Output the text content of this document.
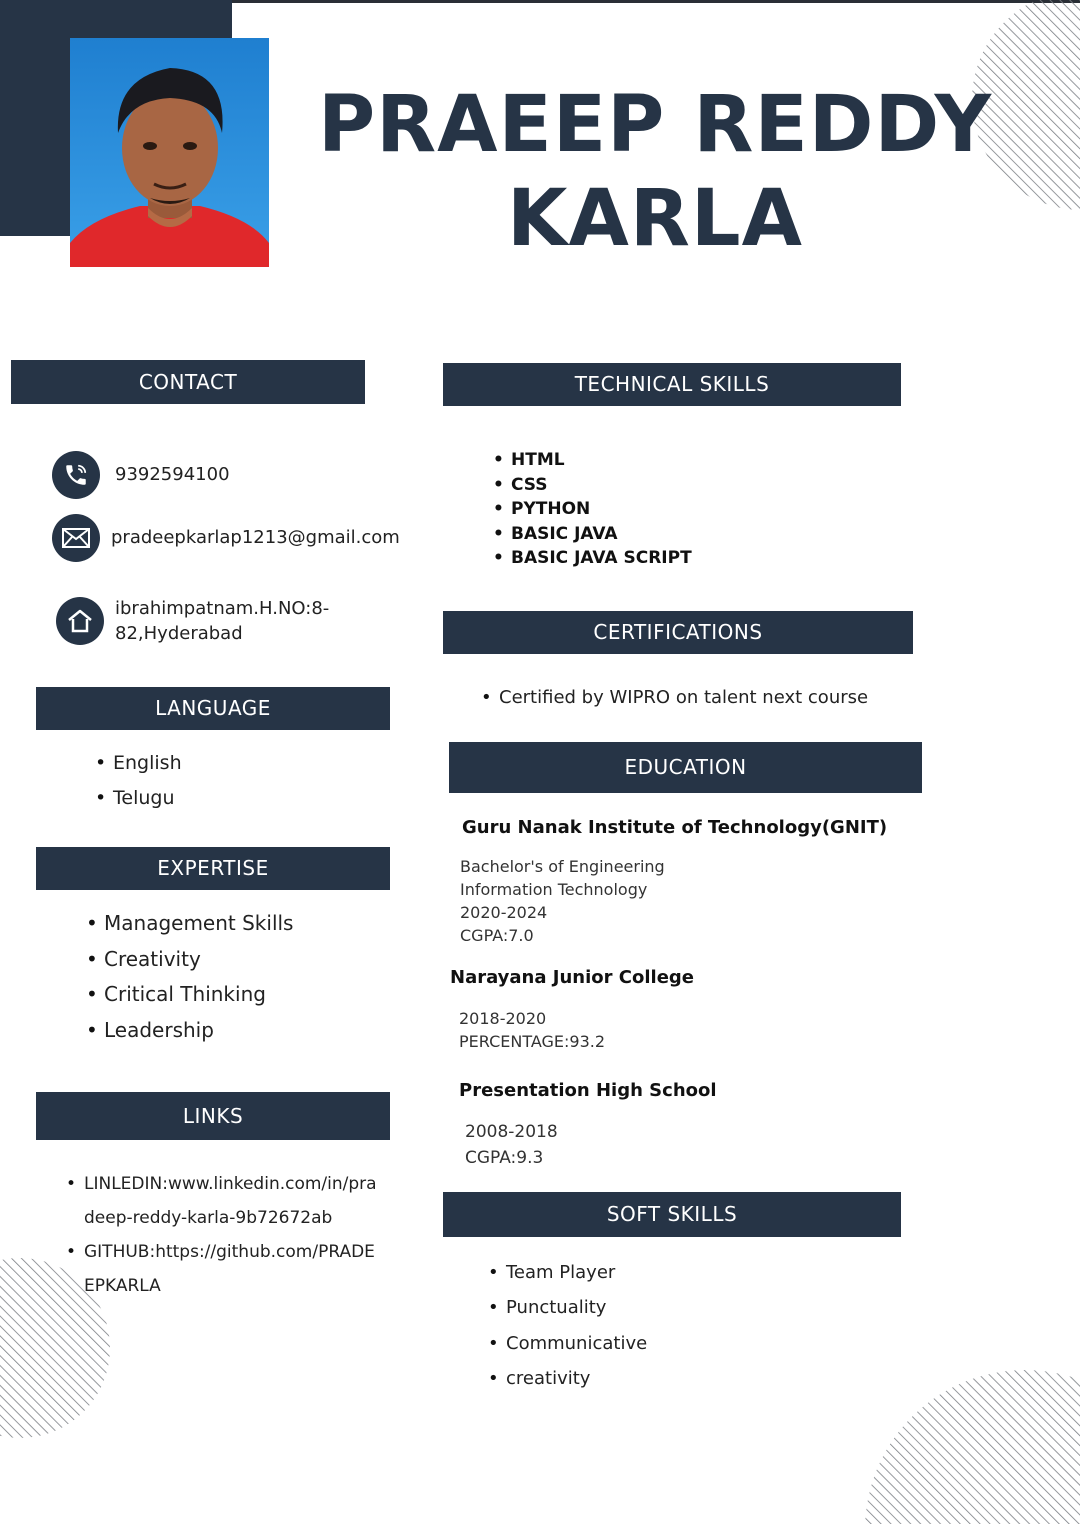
PRAEEP REDDY
KARLA
CONTACT
9392594100
pradeepkarlap1213@gmail.com
ibrahimpatnam.H.NO:8-
82,Hyderabad
LANGUAGE
• English
• Telugu
EXPERTISE
• Management Skills
• Creativity
• Critical Thinking
• Leadership
LINKS
• LINLEDIN:www.linkedin.com/in/pra
deep-reddy-karla-9b72672ab
• GITHUB:https://github.com/PRADE
EPKARLA
TECHNICAL SKILLS
• HTML
• CSS
• PYTHON
• BASIC JAVA
• BASIC JAVA SCRIPT
CERTIFICATIONS
• Certified by WIPRO on talent next course
EDUCATION
Guru Nanak Institute of Technology(GNIT)
Bachelor's of Engineering
Information Technology
2020-2024
CGPA:7.0
Narayana Junior College
2018-2020
PERCENTAGE:93.2
Presentation High School
2008-2018
CGPA:9.3
SOFT SKILLS
• Team Player
• Punctuality
• Communicative
• creativity
